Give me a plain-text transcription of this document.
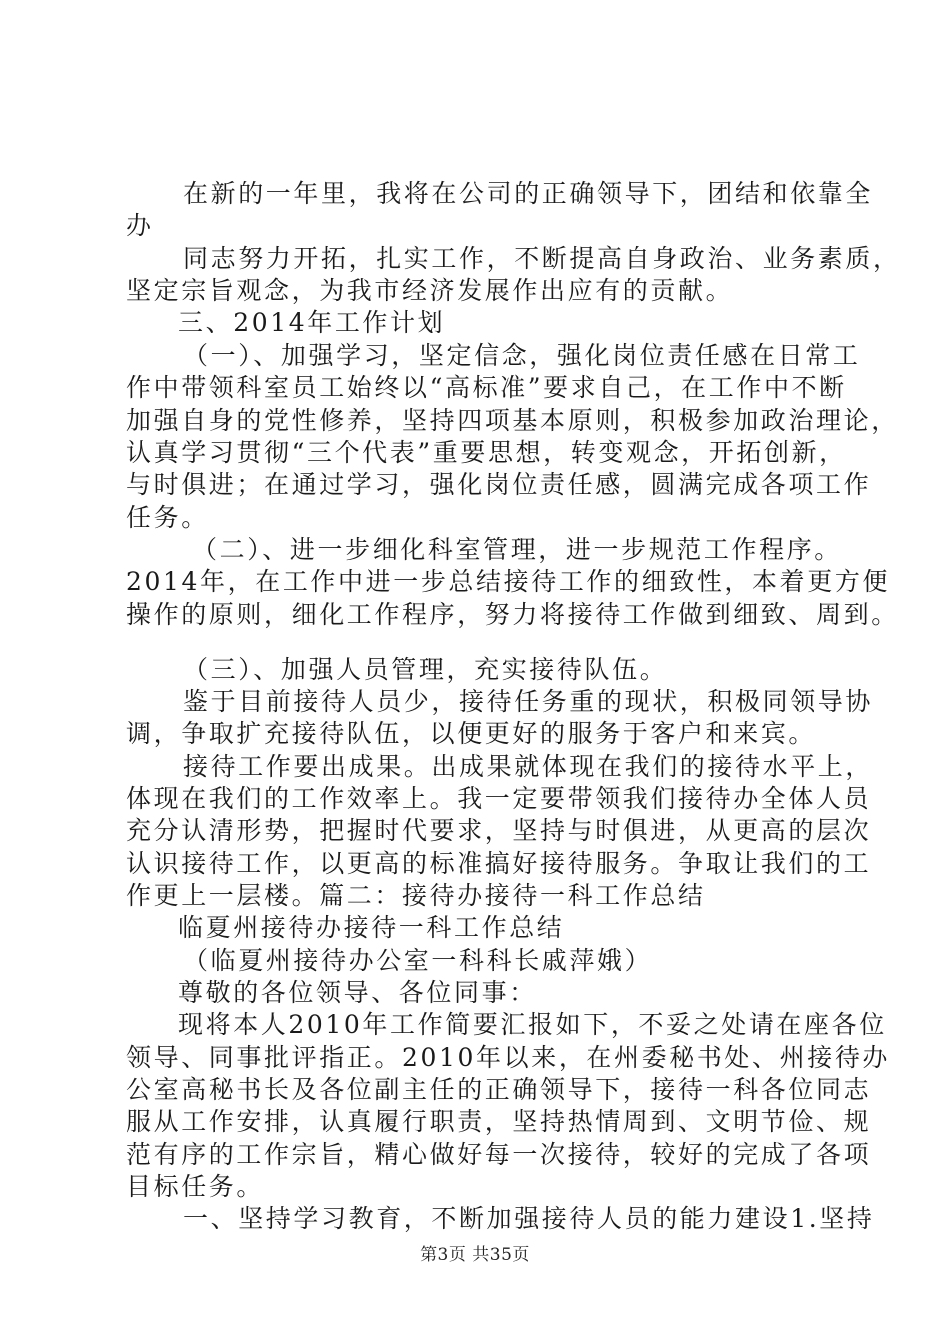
在新的一年里，我将在公司的正确领导下，团结和依靠全
办
同志努力开拓，扎实工作，不断提高自身政治、业务素质，
坚定宗旨观念，为我市经济发展作出应有的贡献。
三、2014年工作计划
（一）、加强学习，坚定信念，强化岗位责任感在日常工
作中带领科室员工始终以“高标准”要求自己，在工作中不断
加强自身的党性修养，坚持四项基本原则，积极参加政治理论，
认真学习贯彻“三个代表”重要思想，转变观念，开拓创新，
与时俱进；在通过学习，强化岗位责任感，圆满完成各项工作
任务。
（二）、进一步细化科室管理，进一步规范工作程序。
2014年，在工作中进一步总结接待工作的细致性，本着更方便
操作的原则，细化工作程序，努力将接待工作做到细致、周到。
（三）、加强人员管理，充实接待队伍。
鉴于目前接待人员少，接待任务重的现状，积极同领导协
调，争取扩充接待队伍，以便更好的服务于客户和来宾。
接待工作要出成果。出成果就体现在我们的接待水平上，
体现在我们的工作效率上。我一定要带领我们接待办全体人员
充分认清形势，把握时代要求，坚持与时俱进，从更高的层次
认识接待工作，以更高的标准搞好接待服务。争取让我们的工
作更上一层楼。篇二：接待办接待一科工作总结
临夏州接待办接待一科工作总结
（临夏州接待办公室一科科长戚萍娥）
尊敬的各位领导、各位同事：
现将本人2010年工作简要汇报如下，不妥之处请在座各位
领导、同事批评指正。2010年以来，在州委秘书处、州接待办
公室高秘书长及各位副主任的正确领导下，接待一科各位同志
服从工作安排，认真履行职责，坚持热情周到、文明节俭、规
范有序的工作宗旨，精心做好每一次接待，较好的完成了各项
目标任务。
一、坚持学习教育，不断加强接待人员的能力建设1.坚持
第3页 共35页
